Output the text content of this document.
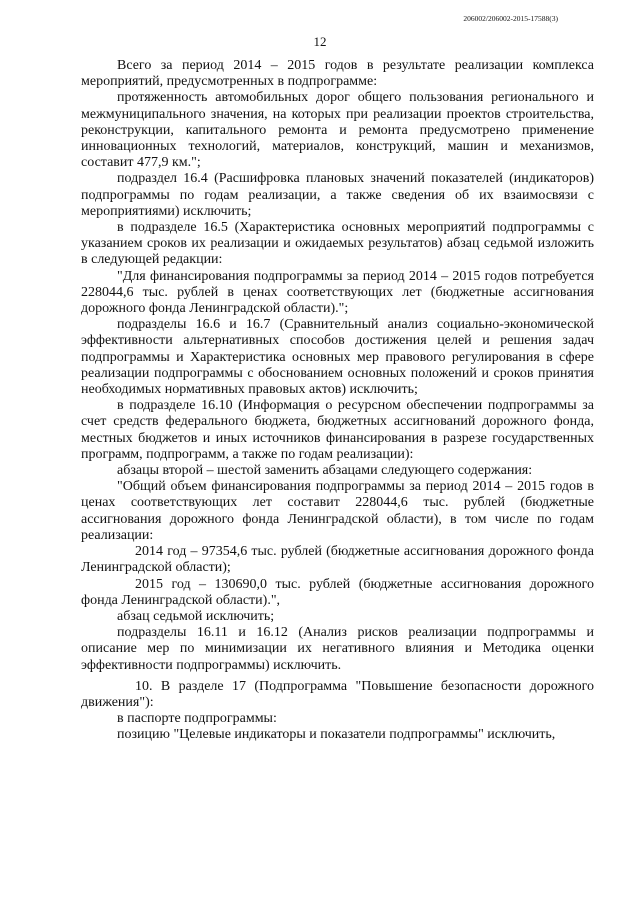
206002/206002-2015-17588(3)
12

Всего за период 2014 – 2015 годов в результате реализации комплекса мероприятий, предусмотренных в подпрограмме:

протяженность автомобильных дорог общего пользования регионального и межмуниципального значения, на которых при реализации проектов строительства, реконструкции, капитального ремонта и ремонта предусмотрено применение инновационных технологий, материалов, конструкций, машин и механизмов, составит 477,9 км.";

подраздел 16.4 (Расшифровка плановых значений показателей (индикаторов) подпрограммы по годам реализации, а также сведения об их взаимосвязи с мероприятиями) исключить;

в подразделе 16.5 (Характеристика основных мероприятий подпрограммы с указанием сроков их реализации и ожидаемых результатов) абзац седьмой изложить в следующей редакции:

"Для финансирования подпрограммы за период 2014 – 2015 годов потребуется 228044,6 тыс. рублей в ценах соответствующих лет (бюджетные ассигнования дорожного фонда Ленинградской области).";

подразделы 16.6 и 16.7 (Сравнительный анализ социально-экономической эффективности альтернативных способов достижения целей и решения задач подпрограммы и Характеристика основных мер правового регулирования в сфере реализации подпрограммы с обоснованием основных положений и сроков принятия необходимых нормативных правовых актов) исключить;

в подразделе 16.10 (Информация о ресурсном обеспечении подпрограммы за счет средств федерального бюджета, бюджетных ассигнований дорожного фонда, местных бюджетов и иных источников финансирования в разрезе государственных программ, подпрограмм, а также по годам реализации):

абзацы второй – шестой заменить абзацами следующего содержания:

"Общий объем финансирования подпрограммы за период 2014 – 2015 годов в ценах соответствующих лет составит 228044,6 тыс. рублей (бюджетные ассигнования дорожного фонда Ленинградской области), в том числе по годам реализации:

2014 год – 97354,6 тыс. рублей (бюджетные ассигнования дорожного фонда Ленинградской области);

2015 год – 130690,0 тыс. рублей (бюджетные ассигнования дорожного фонда Ленинградской области).",

абзац седьмой исключить;

подразделы 16.11 и 16.12 (Анализ рисков реализации подпрограммы и описание мер по минимизации их негативного влияния и Методика оценки эффективности подпрограммы) исключить.

10. В разделе 17 (Подпрограмма "Повышение безопасности дорожного движения"):

в паспорте подпрограммы:

позицию "Целевые индикаторы и показатели подпрограммы" исключить,
